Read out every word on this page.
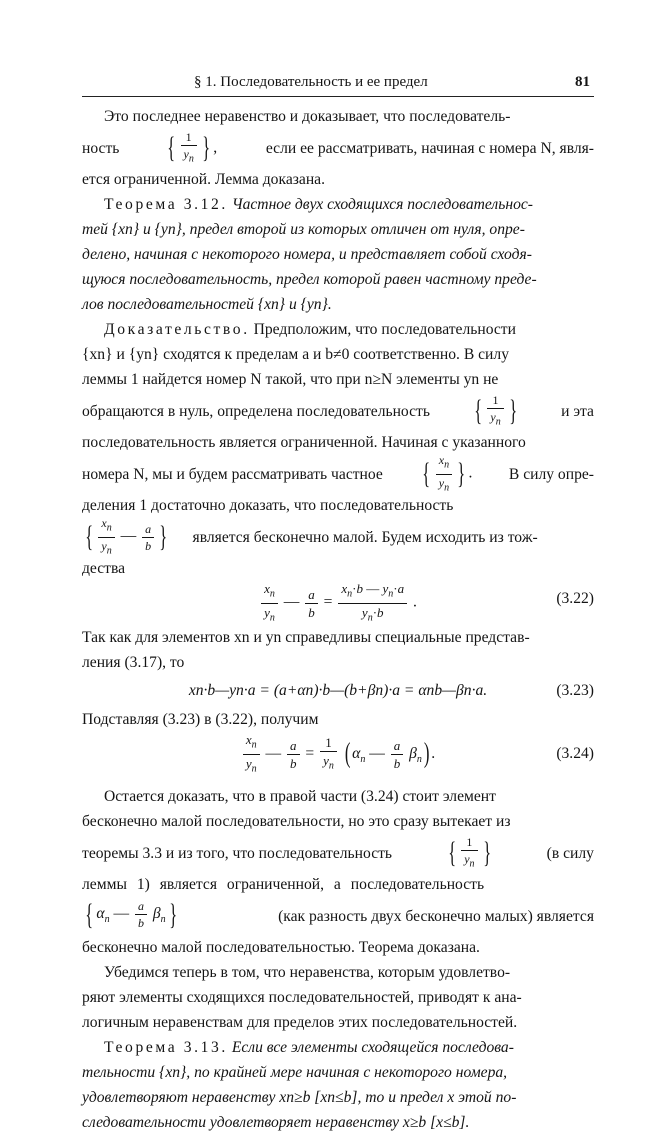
§ 1. Последовательность и ее предел	81

Это последнее неравенство и доказывает, что последователь-

ность { $\frac{1}{y_n}$ } ,	если ее рассматривать, начиная с номера N, явля-

ется ограниченной. Лемма доказана.

Теорема 3.12. Частное двух сходящихся последовательнос-

тей {xn} и {yn}, предел второй из которых отличен от нуля, опре-

делено, начиная с некоторого номера, и представляет собой сходя-

щуюся последовательность, предел которой равен частному преде-

лов последовательностей {xn} и {yn}.

Доказательство. Предположим, что последовательности

{xn} и {yn} сходятся к пределам a и b≠0 соответственно. В силу

леммы 1 найдется номер N такой, что при n≥N элементы yn не

обращаются в нуль, определена последовательность { $\frac{1}{y_n}$ }	и эта

последовательность является ограниченной. Начиная с указанного

номера N, мы и будем рассматривать частное { $\frac{x_n}{y_n}$ } . В силу опре-

деления 1 достаточно доказать, что последовательность

{ $\frac{x_n}{y_n}$ — $\frac{a}{b}$ } является бесконечно малой. Будем исходить из тож-

дества

$\frac{x_n}{y_n}$ — $\frac{a}{b} = \frac{x_n\cdot b — y_n\cdot a}{y_n\cdot b}$ .	(3.22)

Так как для элементов xn и yn справедливы специальные представ-

ления (3.17), то

xn·b—yn·a = (a+αn)·b—(b+βn)·a = αnb—βn·a.	(3.23)

Подставляя (3.23) в (3.22), получим

$\frac{x_n}{y_n}$ — $\frac{a}{b} = \frac{1}{y_n}$ ( $\alpha_n$ — $\frac{a}{b} \beta_n$) .	(3.24)

Остается доказать, что в правой части (3.24) стоит элемент

бесконечно малой последовательности, но это сразу вытекает из

теоремы 3.3 и из того, что последовательность { $\frac{1}{y_n}$ }	(в силу

леммы 1) является ограниченной, а последовательность

{ $\alpha_n$ — $\frac{a}{b} \beta_n$ }	(как разность двух бесконечно малых) является

бесконечно малой последовательностью. Теорема доказана.

Убедимся теперь в том, что неравенства, которым удовлетво-

ряют элементы сходящихся последовательностей, приводят к ана-

логичным неравенствам для пределов этих последовательностей.

Теорема 3.13. Если все элементы сходящейся последова-

тельности {xn}, по крайней мере начиная с некоторого номера,

удовлетворяют неравенству xn≥b [xn≤b], то и предел x этой по-

следовательности удовлетворяет неравенству x≥b [x≤b].
